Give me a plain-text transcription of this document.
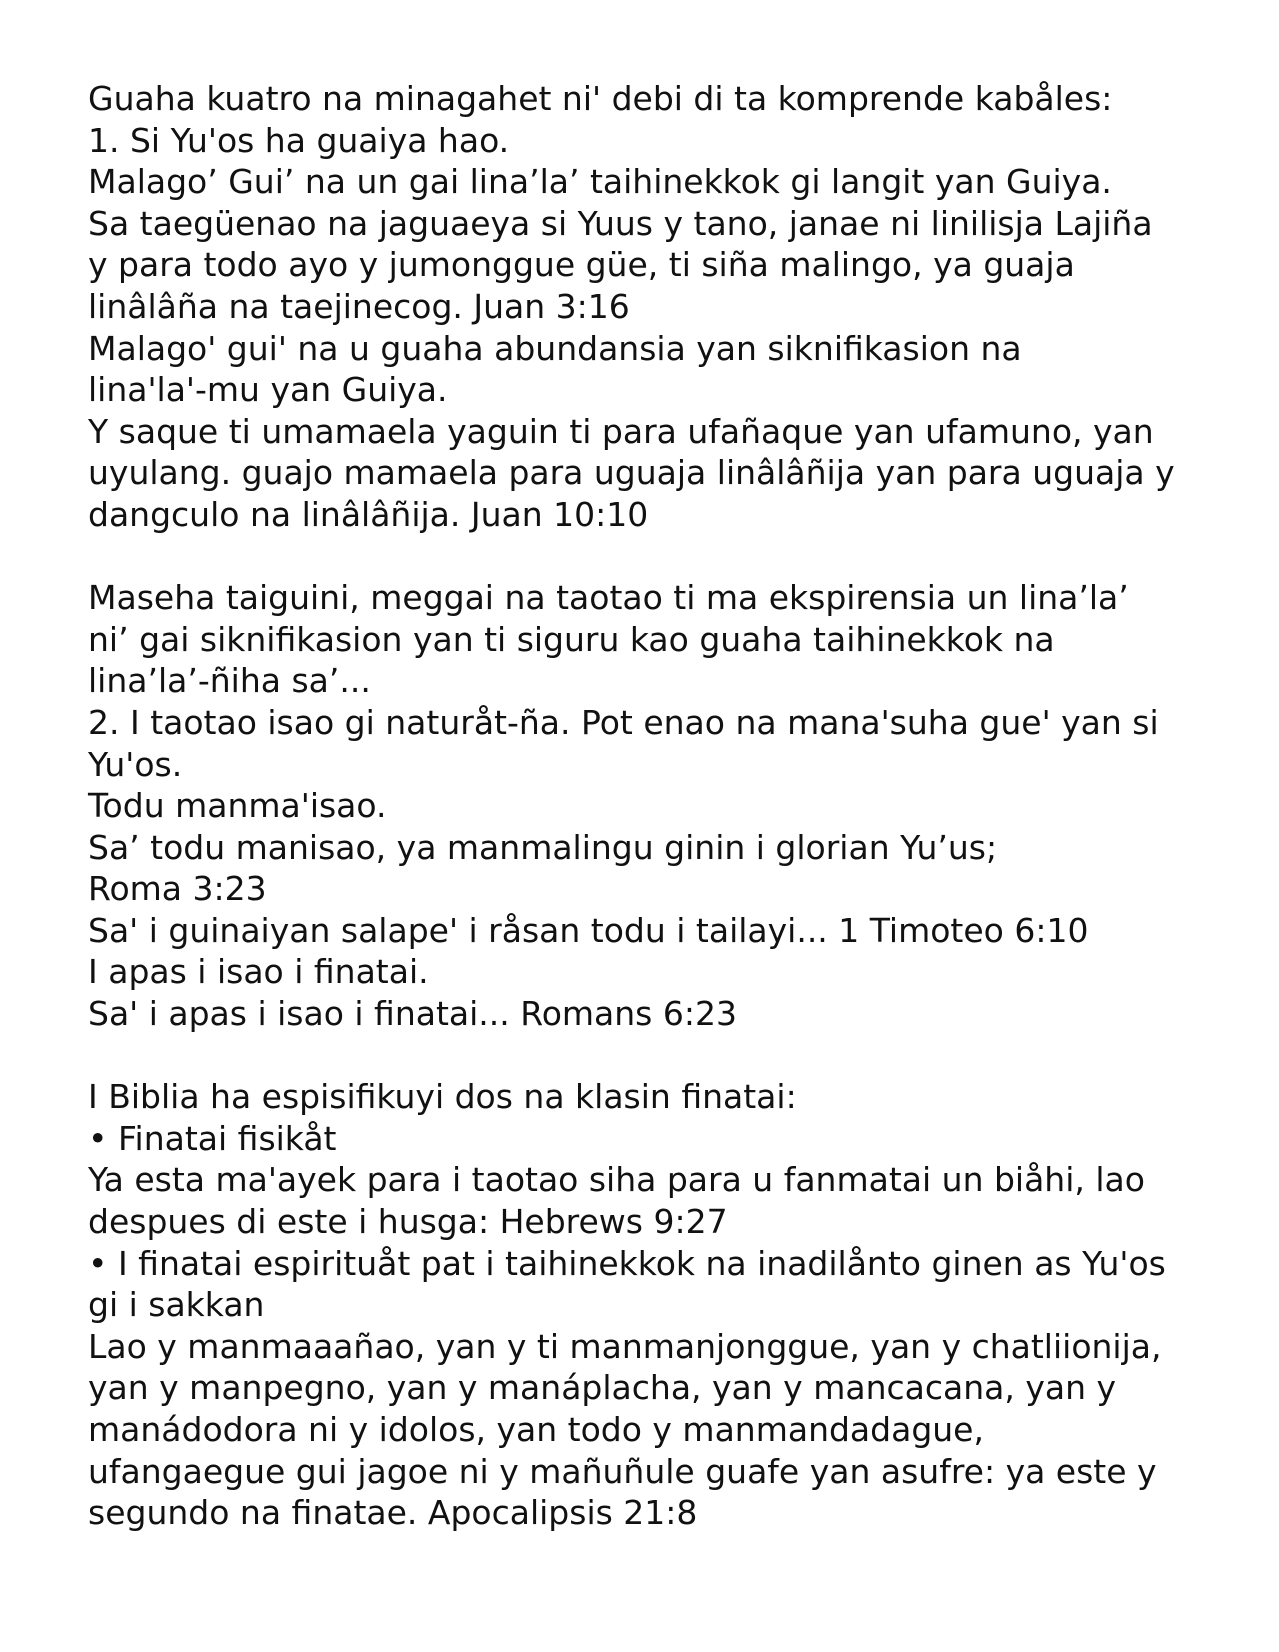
Guaha kuatro na minagahet ni' debi di ta komprende kabåles:
1. Si Yu'os ha guaiya hao.
Malago’ Gui’ na un gai lina’la’ taihinekkok gi langit yan Guiya.
Sa taegüenao na jaguaeya si Yuus y tano, janae ni linilisja Lajiña
y para todo ayo y jumonggue güe, ti siña malingo, ya guaja
linâlâña na taejinecog. Juan 3:16
Malago' gui' na u guaha abundansia yan siknifikasion na
lina'la'-mu yan Guiya.
Y saque ti umamaela yaguin ti para ufañaque yan ufamuno, yan
uyulang. guajo mamaela para uguaja linâlâñija yan para uguaja y
dangculo na linâlâñija. Juan 10:10
Maseha taiguini, meggai na taotao ti ma ekspirensia un lina’la’
ni’ gai siknifikasion yan ti siguru kao guaha taihinekkok na
lina’la’-ñiha sa’...
2. I taotao isao gi naturåt-ña. Pot enao na mana'suha gue' yan si
Yu'os.
Todu manma'isao.
Sa’ todu manisao, ya manmalingu ginin i glorian Yu’us;
Roma 3:23
Sa' i guinaiyan salape' i råsan todu i tailayi... 1 Timoteo 6:10
I apas i isao i finatai.
Sa' i apas i isao i finatai... Romans 6:23
I Biblia ha espisifikuyi dos na klasin finatai:
• Finatai fisikåt
Ya esta ma'ayek para i taotao siha para u fanmatai un biåhi, lao
despues di este i husga: Hebrews 9:27
• I finatai espirituåt pat i taihinekkok na inadilånto ginen as Yu'os
gi i sakkan
Lao y manmaaañao, yan y ti manmanjonggue, yan y chatliionija,
yan y manpegno, yan y manáplacha, yan y mancacana, yan y
manádodora ni y idolos, yan todo y manmandadague,
ufangaegue gui jagoe ni y mañuñule guafe yan asufre: ya este y
segundo na finatae. Apocalipsis 21:8
